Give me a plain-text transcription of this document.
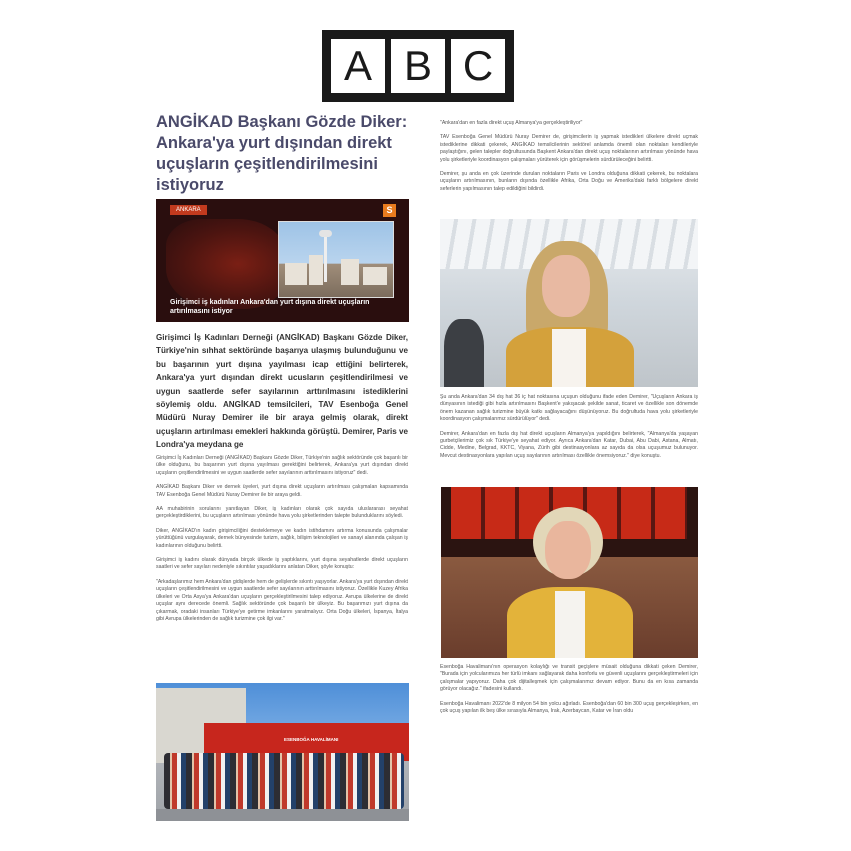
A B C
ANGİKAD Başkanı Gözde Diker: Ankara'ya yurt dışından direkt uçuşların çeşitlendirilmesini istiyoruz
ANKARA	S
Girişimci iş kadınları Ankara'dan yurt dışına direkt uçuşların artırılmasını istiyor

Girişimci İş Kadınları Derneği (ANGİKAD) Başkanı Gözde Diker, Türkiye'nin sıhhat sektöründe başarıya ulaşmış bulunduğunu ve bu başarının yurt dışına yayılması icap ettiğini belirterek, Ankara'ya yurt dışından direkt ucusların çeşitlendirilmesi ve uygun saatlerde sefer sayılarının arttırılmasını istediklerini söylemiş oldu. ANGİKAD temsilcileri, TAV Esenboğa Genel Müdürü Nuray Demirer ile bir araya gelmiş olarak, direkt uçuşların artırılması emekleri hakkında görüştü. Demirer, Paris ve Londra'ya meydana ge

Girişimci İş Kadınları Derneği (ANGİKAD) Başkanı Gözde Diker, Türkiye'nin sağlık sektöründe çok başarılı bir ülke olduğunu, bu başarının yurt dışına yayılması gerektiğini belirterek, Ankara'ya yurt dışından direkt uçuşların çeşitlendirilmesini ve uygun saatlerde sefer sayılarının arttırılmasını istiyoruz" dedi.

ANGİKAD Başkanı Diker ve dernek üyeleri, yurt dışına direkt uçuşların artırılması çalışmaları kapsamında TAV Esenboğa Genel Müdürü Nuray Demirer ile bir araya geldi.

AA muhabirinin sorularını yanıtlayan Diker, iş kadınları olarak çok sayıda uluslararası seyahat gerçekleştirdiklerini, bu uçuşların artırılması yönünde hava yolu şirketlerinden talepte bulunduklarını söyledi.

Diker, ANGİKAD'ın kadın girişimciliğini desteklemeye ve kadın istihdamını artırma konusunda çalışmalar yürüttüğünü vurgulayarak, dernek bünyesinde turizm, sağlık, bilişim teknolojileri ve sanayi alanında çalışan iş kadınlarının olduğunu belirtti.

Girişimci iş kadını olarak dünyada birçok ülkede iş yaptıklarını, yurt dışına seyahatlerde direkt uçuşların saatleri ve sefer sayıları nedeniyle sıkıntılar yaşadıklarını anlatan Diker, şöyle konuştu:

"Arkadaşlarımız hem Ankara'dan gidişlerde hem de gelişlerde sıkıntı yaşıyorlar. Ankara'ya yurt dışından direkt uçuşların çeşitlendirilmesini ve uygun saatlerde sefer sayılarının arttırılmasını istiyoruz. Özellikle Kuzey Afrika ülkeleri ve Orta Asya'ya Ankara'dan uçuşların gerçekleştirilmesini talep ediyoruz. Avrupa ülkelerine de direkt uçuşlar aynı derecede önemli. Sağlık sektöründe çok başarılı bir ülkeyiz. Bu başarımızı yurt dışına da çıkarmak, oradaki insanları Türkiye'ye getirme imkanlarını yaratmalıyız. Orta Doğu ülkeleri, İspanya, İtalya gibi Avrupa ülkelerinden de sağlık turizmine çok ilgi var."

ESENBOĞA HAVALİMANI

"Ankara'dan en fazla direkt uçuş Almanya'ya gerçekleştiriliyor"

TAV Esenboğa Genel Müdürü Nuray Demirer de, girişimcilerin iş yapmak istedikleri ülkelere direkt uçmak istediklerine dikkati çekerek, ANGİKAD temsilcilerinin sektörel anlamda önemli olan noktaları kendileriyle paylaştığını, gelen talepler doğrultusunda Başkent Ankara'dan direkt uçuş noktalarının artırılması yönünde hava yolu şirketleriyle koordinasyon çalışmaları yürüterek için görüşmelerin sürdürüleceğini belirtti.

Demirer, şu anda en çok üzerinde durulan noktaların Paris ve Londra olduğuna dikkati çekerek, bu noktalara uçuşların artırılmasının, bunların dışında özellikle Afrika, Orta Doğu ve Amerika'daki farklı bölgelere direkt seferlerin yapılmasının talep edildiğini bildirdi.

Şu anda Ankara'dan 34 dış hat 36 iç hat noktasına uçuşun olduğunu ifade eden Demirer, "Uçuşların Ankara iş dünyasının istediği gibi hızla artırılmasını Başkent'e yakışacak şekilde sanat, ticaret ve özellikle son dönemde önem kazanan sağlık turizmine büyük katkı sağlayacağını düşünüyoruz. Bu doğrultuda hava yolu şirketleriyle koordinasyon çalışmalarımız sürdürülüyor" dedi.

Demirer, Ankara'dan en fazla dış hat direkt uçuşların Almanya'ya yapıldığını belirterek, "Almanya'da yaşayan gurbetçilerimiz çok sık Türkiye'ye seyahat ediyor. Ayrıca Ankara'dan Katar, Dubai, Abu Dabi, Astana, Almatı, Cidde, Medine, Belgrad, KKTC, Viyana, Zürih gibi destinasyonlara az sayıda da olsa uçuşumuz bulunuyor. Mevcut destinasyonlara yapılan uçuş sayılarının artırılması özellikle önemsiyoruz." diye konuştu.

Esenboğa Havalimanı'nın operasyon kolaylığı ve transit geçişlere müsait olduğuna dikkati çeken Demirer, "Burada için yolcularımıza her türlü imkanı sağlayarak daha konforlu ve güvenli uçuşlarını gerçekleştirmeleri için çalışmalar yapıyoruz. Daha çok dijitalleşmek için çalışmalarımız devam ediyor. Bunu da en kısa zamanda görüyor olacağız." ifadesini kullandı.

Esenboğa Havalimanı 2022'de 8 milyon 54 bin yolcu ağırladı. Esenboğa'dan 60 bin 300 uçuş gerçekleşirken, en çok uçuş yapılan ilk beş ülke sırasıyla Almanya, Irak, Azerbaycan, Katar ve İran oldu
